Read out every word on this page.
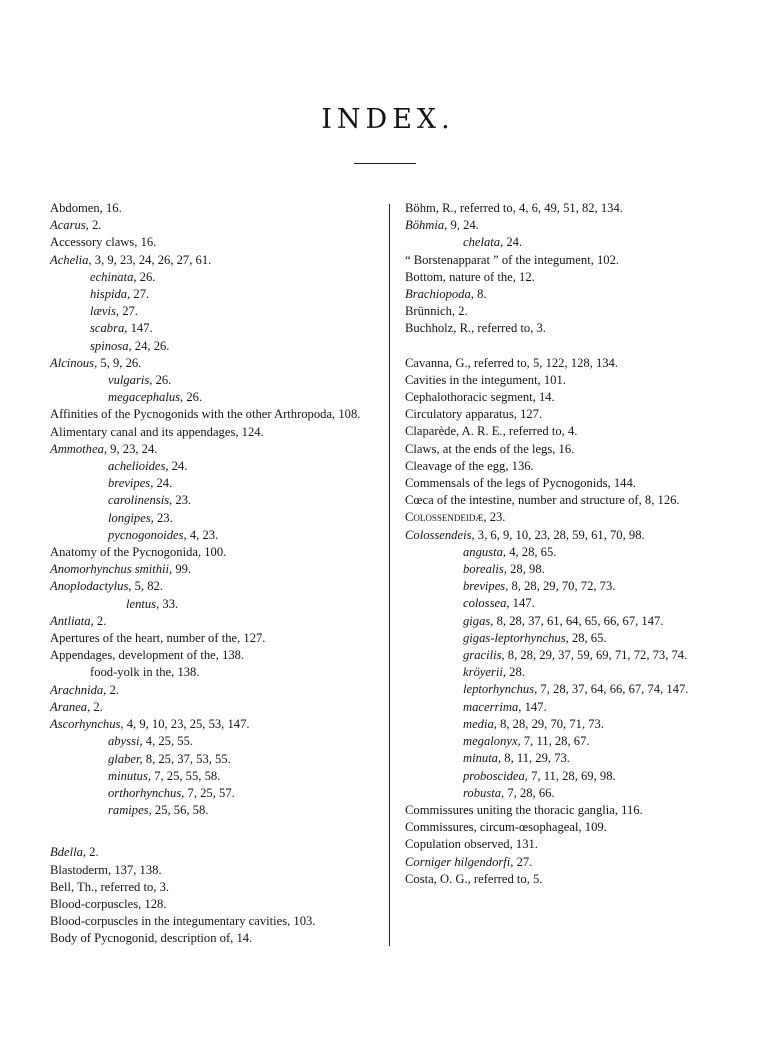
INDEX.
Abdomen, 16.
Acarus, 2.
Accessory claws, 16.
Achelia, 3, 9, 23, 24, 26, 27, 61.
echinata, 26.
hispida, 27.
lævis, 27.
scabra, 147.
spinosa, 24, 26.
Alcinous, 5, 9, 26.
vulgaris, 26.
megacephalus, 26.
Affinities of the Pycnogonids with the other Arthropoda, 108.
Alimentary canal and its appendages, 124.
Ammothea, 9, 23, 24.
achelioides, 24.
brevipes, 24.
carolinensis, 23.
longipes, 23.
pycnogonoides, 4, 23.
Anatomy of the Pycnogonida, 100.
Anomorhynchus smithii, 99.
Anoplodactylus, 5, 82.
lentus, 33.
Antliata, 2.
Apertures of the heart, number of the, 127.
Appendages, development of the, 138.
food-yolk in the, 138.
Arachnida, 2.
Aranea, 2.
Ascorhynchus, 4, 9, 10, 23, 25, 53, 147.
abyssi, 4, 25, 55.
glaber, 8, 25, 37, 53, 55.
minutus, 7, 25, 55, 58.
orthorhynchus, 7, 25, 57.
ramipes, 25, 56, 58.
Bdella, 2.
Blastoderm, 137, 138.
Bell, Th., referred to, 3.
Blood-corpuscles, 128.
Blood-corpuscles in the integumentary cavities, 103.
Body of Pycnogonid, description of, 14.
Böhm, R., referred to, 4, 6, 49, 51, 82, 134.
Böhmia, 9, 24.
chelata, 24.
“ Borstenapparat ” of the integument, 102.
Bottom, nature of the, 12.
Brachiopoda, 8.
Brünnich, 2.
Buchholz, R., referred to, 3.
Cavanna, G., referred to, 5, 122, 128, 134.
Cavities in the integument, 101.
Cephalothoracic segment, 14.
Circulatory apparatus, 127.
Claparède, A. R. E., referred to, 4.
Claws, at the ends of the legs, 16.
Cleavage of the egg, 136.
Commensals of the legs of Pycnogonids, 144.
Cœca of the intestine, number and structure of, 8, 126.
Colossendeidæ, 23.
Colossendeis, 3, 6, 9, 10, 23, 28, 59, 61, 70, 98.
angusta, 4, 28, 65.
borealis, 28, 98.
brevipes, 8, 28, 29, 70, 72, 73.
colossea, 147.
gigas, 8, 28, 37, 61, 64, 65, 66, 67, 147.
gigas-leptorhynchus, 28, 65.
gracilis, 8, 28, 29, 37, 59, 69, 71, 72, 73, 74.
kröyerii, 28.
leptorhynchus, 7, 28, 37, 64, 66, 67, 74, 147.
macerrima, 147.
media, 8, 28, 29, 70, 71, 73.
megalonyx, 7, 11, 28, 67.
minuta, 8, 11, 29, 73.
proboscidea, 7, 11, 28, 69, 98.
robusta, 7, 28, 66.
Commissures uniting the thoracic ganglia, 116.
Commissures, circum-œsophageal, 109.
Copulation observed, 131.
Corniger hilgendorfi, 27.
Costa, O. G., referred to, 5.
